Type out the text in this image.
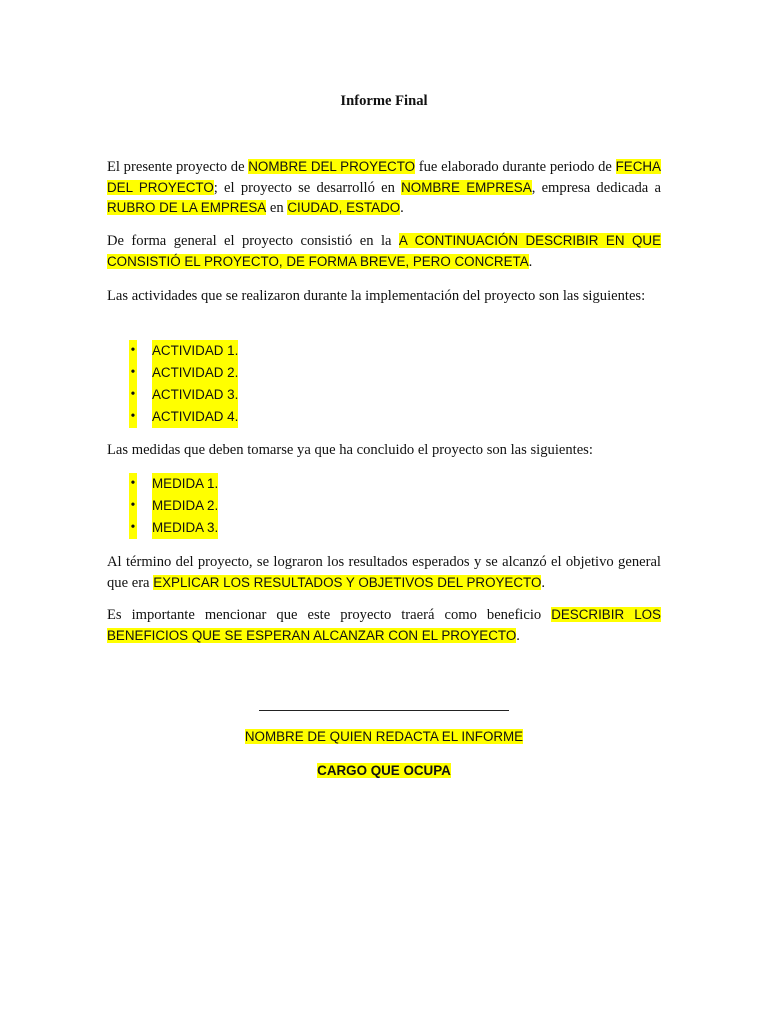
Informe Final

El presente proyecto de NOMBRE DEL PROYECTO fue elaborado durante periodo de FECHA DEL PROYECTO; el proyecto se desarrolló en NOMBRE EMPRESA, empresa dedicada a RUBRO DE LA EMPRESA en CIUDAD, ESTADO.

De forma general el proyecto consistió en la A CONTINUACIÓN DESCRIBIR EN QUE CONSISTIÓ EL PROYECTO, DE FORMA BREVE, PERO CONCRETA.

Las actividades que se realizaron durante la implementación del proyecto son las siguientes:

• ACTIVIDAD 1.
• ACTIVIDAD 2.
• ACTIVIDAD 3.
• ACTIVIDAD 4.

Las medidas que deben tomarse ya que ha concluido el proyecto son las siguientes:

• MEDIDA 1.
• MEDIDA 2.
• MEDIDA 3.

Al término del proyecto, se lograron los resultados esperados y se alcanzó el objetivo general que era EXPLICAR LOS RESULTADOS Y OBJETIVOS DEL PROYECTO.

Es importante mencionar que este proyecto traerá como beneficio DESCRIBIR LOS BENEFICIOS QUE SE ESPERAN ALCANZAR CON EL PROYECTO.

NOMBRE DE QUIEN REDACTA EL INFORME
CARGO QUE OCUPA
